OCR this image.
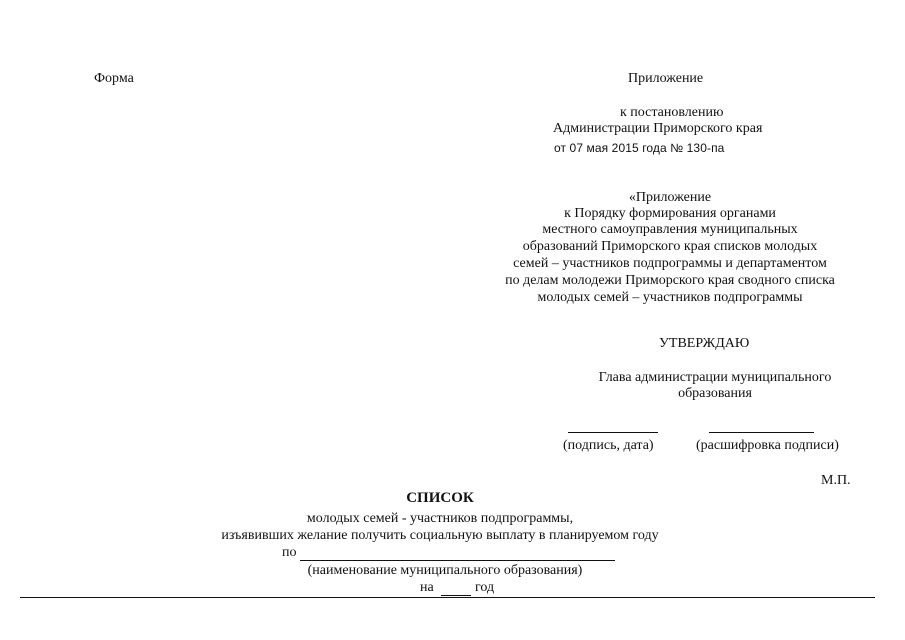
Форма	Приложение
к постановлению
Администрации Приморского края
от 07 мая 2015 года № 130-па
«Приложение
к Порядку формирования органами
местного самоуправления муниципальных
образований Приморского края списков молодых
семей – участников подпрограммы и департаментом
по делам молодежи Приморского края сводного списка
молодых семей – участников подпрограммы
УТВЕРЖДАЮ
Глава администрации муниципального
образования
(подпись, дата)	(расшифровка подписи)
М.П.
СПИСОК
молодых семей - участников подпрограммы,
изъявивших желание получить социальную выплату в планируемом году
по
(наименование муниципального образования)
на	год
